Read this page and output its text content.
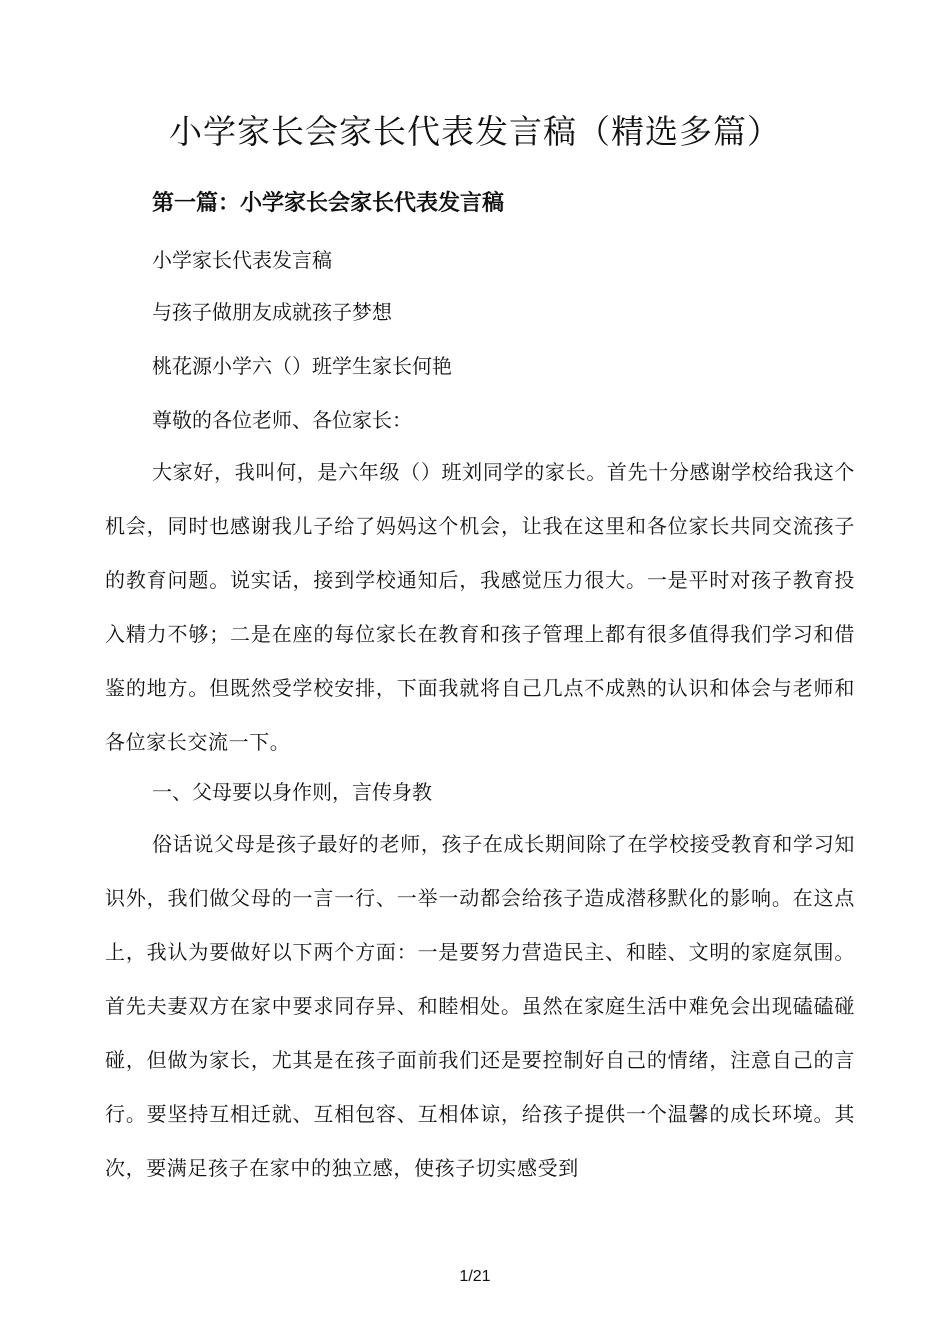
小学家长会家长代表发言稿（精选多篇）
第一篇：小学家长会家长代表发言稿

小学家长代表发言稿

与孩子做朋友成就孩子梦想

桃花源小学六（）班学生家长何艳

尊敬的各位老师、各位家长：

大家好，我叫何，是六年级（）班刘同学的家长。首先十分感谢学校给我这个机会，同时也感谢我儿子给了妈妈这个机会，让我在这里和各位家长共同交流孩子的教育问题。说实话，接到学校通知后，我感觉压力很大。一是平时对孩子教育投入精力不够；二是在座的每位家长在教育和孩子管理上都有很多值得我们学习和借鉴的地方。但既然受学校安排，下面我就将自己几点不成熟的认识和体会与老师和各位家长交流一下。

一、父母要以身作则，言传身教

俗话说父母是孩子最好的老师，孩子在成长期间除了在学校接受教育和学习知识外，我们做父母的一言一行、一举一动都会给孩子造成潜移默化的影响。在这点上，我认为要做好以下两个方面：一是要努力营造民主、和睦、文明的家庭氛围。首先夫妻双方在家中要求同存异、和睦相处。虽然在家庭生活中难免会出现磕磕碰碰，但做为家长，尤其是在孩子面前我们还是要控制好自己的情绪，注意自己的言行。要坚持互相迁就、互相包容、互相体谅，给孩子提供一个温馨的成长环境。其次，要满足孩子在家中的独立感，使孩子切实感受到

1/21
